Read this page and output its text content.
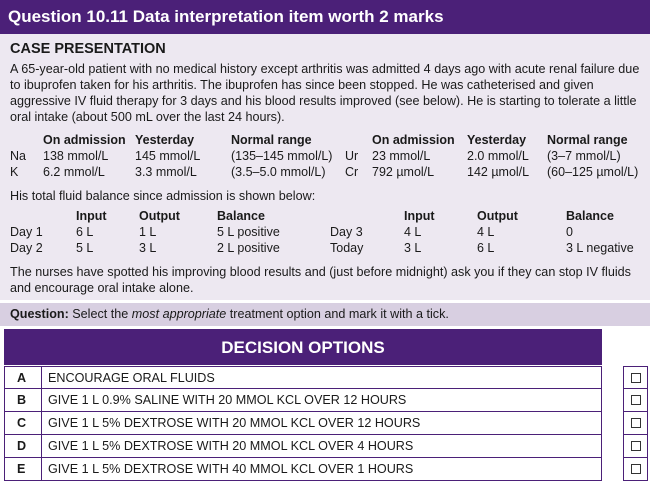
Question 10.11 Data interpretation item worth 2 marks
CASE PRESENTATION
A 65-year-old patient with no medical history except arthritis was admitted 4 days ago with acute renal failure due to ibuprofen taken for his arthritis. The ibuprofen has since been stopped. He was catheterised and given aggressive IV fluid therapy for 3 days and his blood results improved (see below). He is starting to tolerate a little oral intake (about 500 mL over the last 24 hours).
	On admission	Yesterday	Normal range		On admission	Yesterday	Normal range
Na	138 mmol/L	145 mmol/L	(135–145 mmol/L)	Ur	23 mmol/L	2.0 mmol/L	(3–7 mmol/L)
K	6.2 mmol/L	3.3 mmol/L	(3.5–5.0 mmol/L)	Cr	792 µmol/L	142 µmol/L	(60–125 µmol/L)
His total fluid balance since admission is shown below:
	Input	Output	Balance		Input	Output	Balance
Day 1	6 L	1 L	5 L positive	Day 3	4 L	4 L	0
Day 2	5 L	3 L	2 L positive	Today	3 L	6 L	3 L negative
The nurses have spotted his improving blood results and (just before midnight) ask you if they can stop IV fluids and encourage oral intake alone.
Question: Select the most appropriate treatment option and mark it with a tick.
DECISION OPTIONS
A	ENCOURAGE ORAL FLUIDS
B	GIVE 1 L 0.9% SALINE WITH 20 MMOL KCL OVER 12 HOURS
C	GIVE 1 L 5% DEXTROSE WITH 20 MMOL KCL OVER 12 HOURS
D	GIVE 1 L 5% DEXTROSE WITH 20 MMOL KCL OVER 4 HOURS
E	GIVE 1 L 5% DEXTROSE WITH 40 MMOL KCL OVER 1 HOURS
